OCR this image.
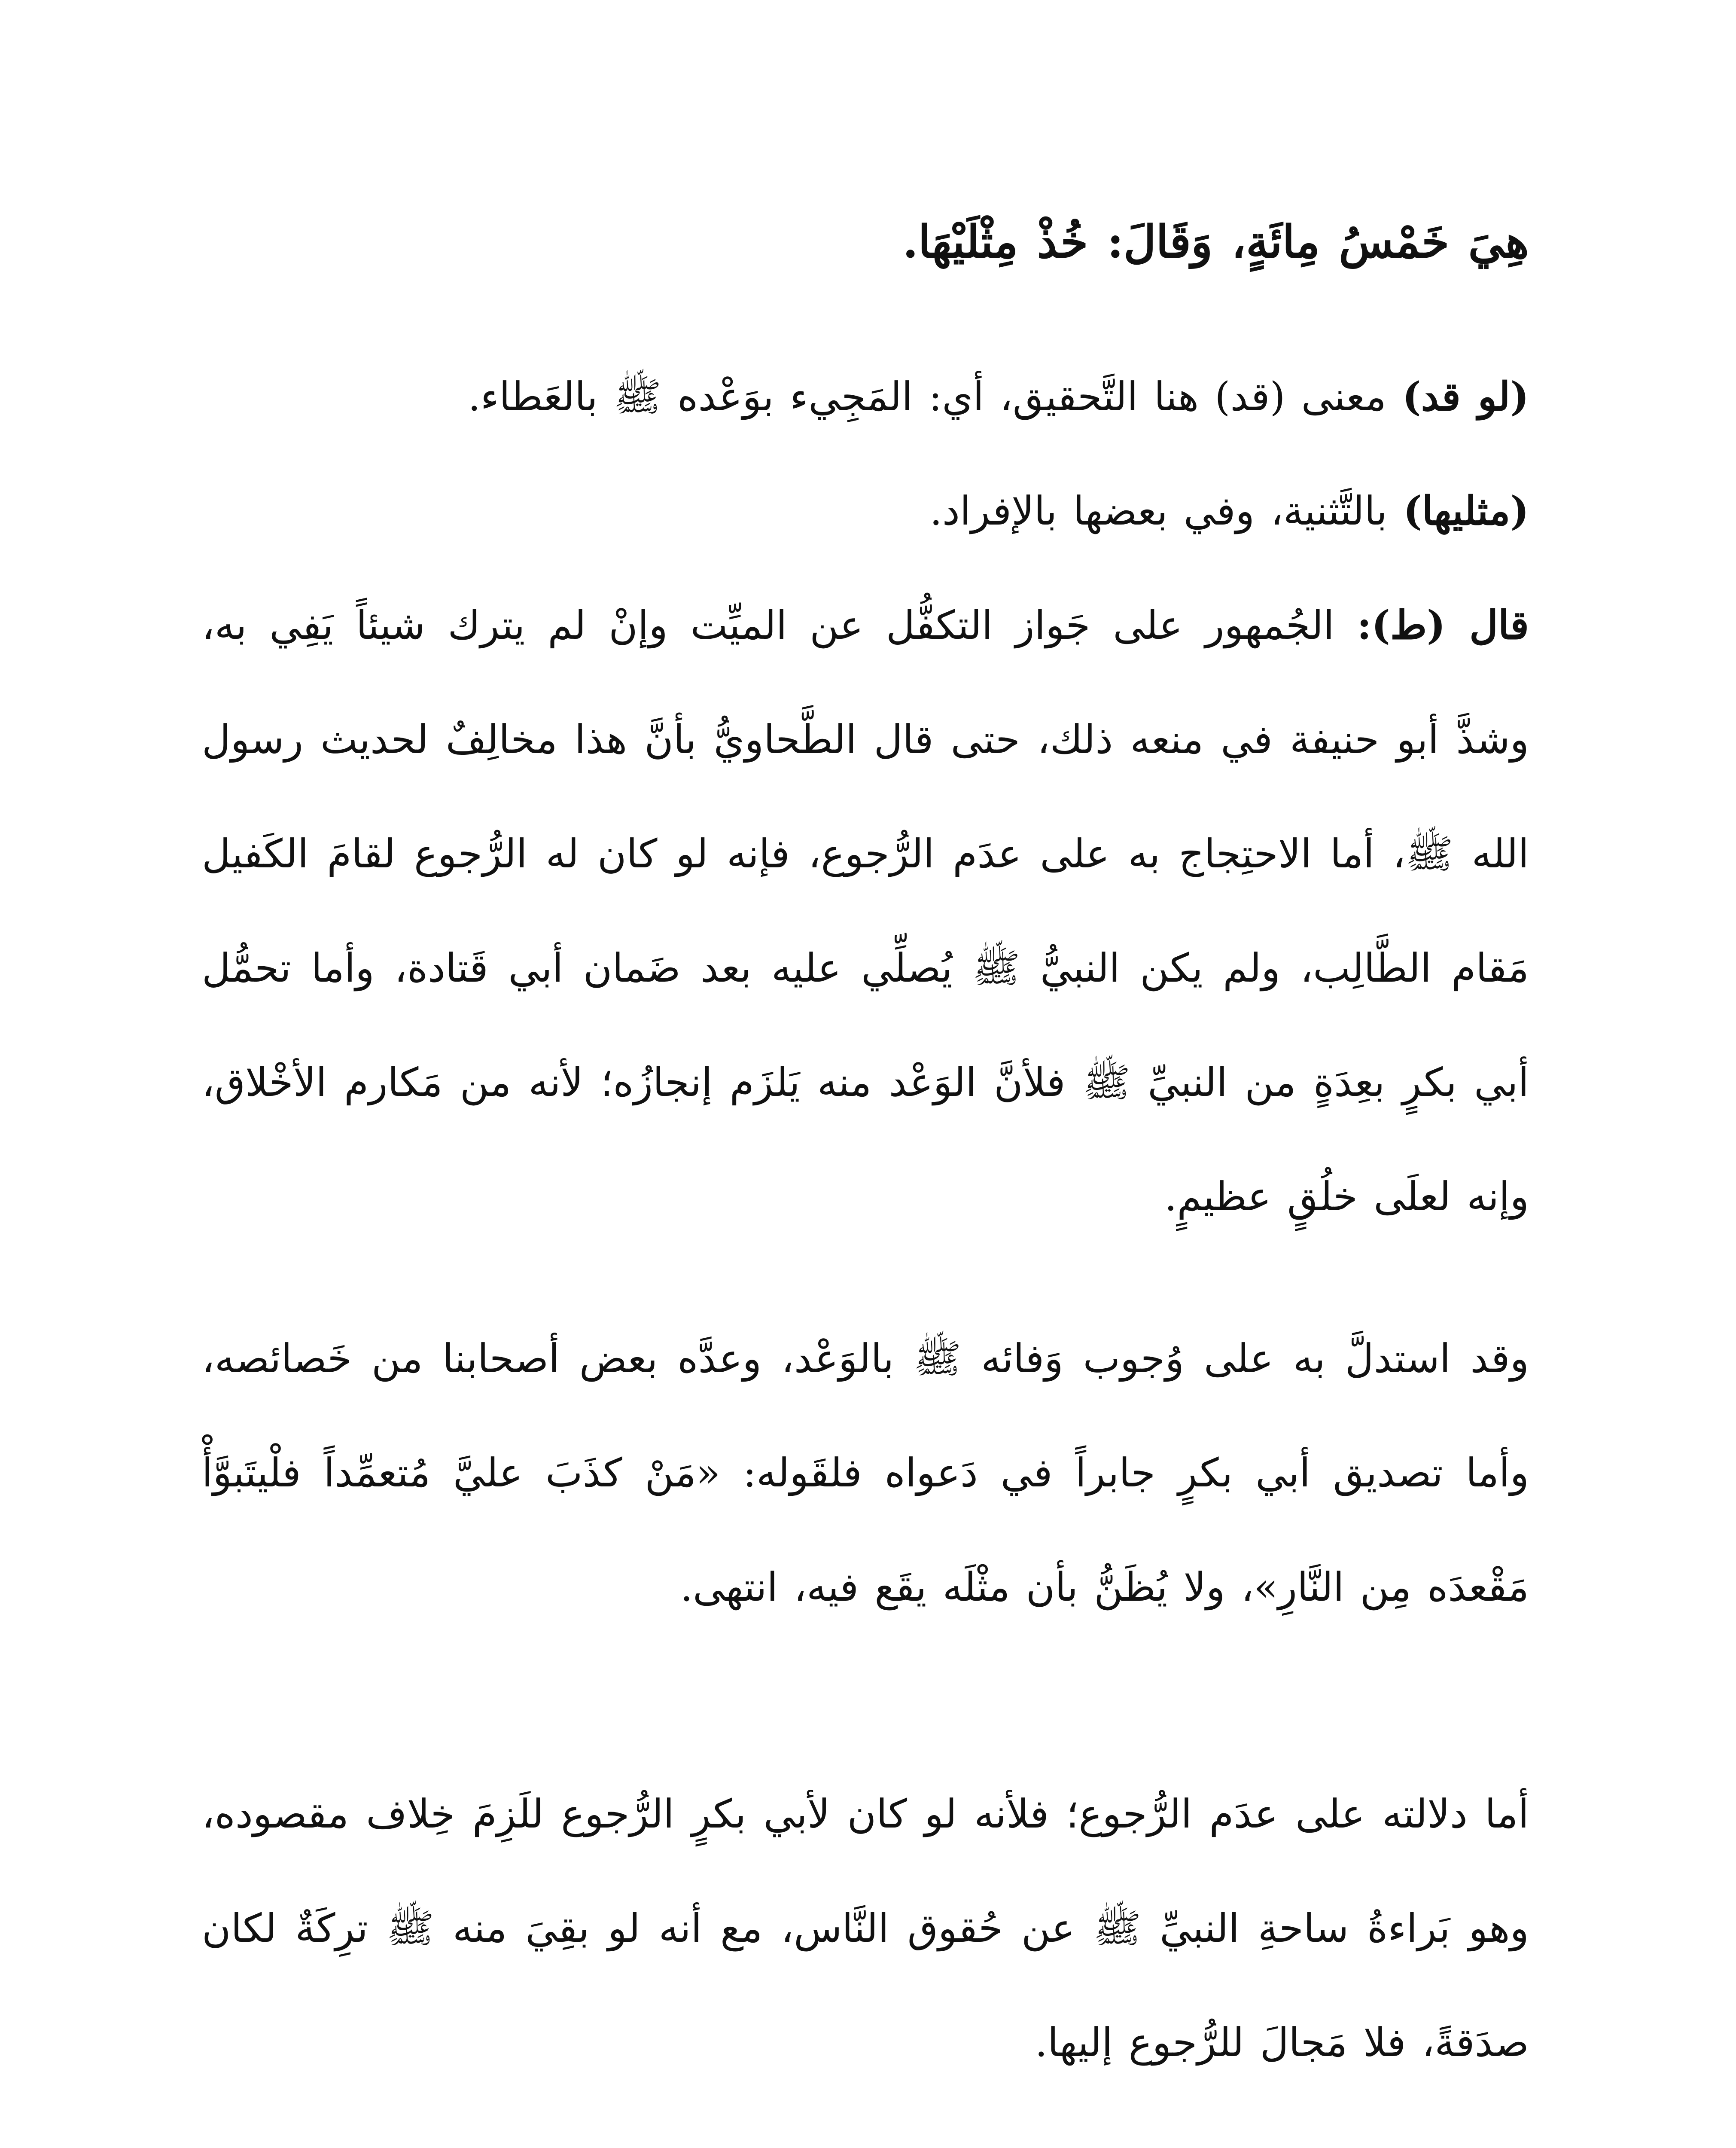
هِيَ خَمْسُ مِائَةٍ، وَقَالَ: خُذْ مِثْلَيْهَا.
(لو قد) معنى (قد) هنا التَّحقيق، أي: المَجِيء بوَعْده ﷺ بالعَطاء.
(مثليها) بالتَّثنية، وفي بعضها بالإفراد.
قال (ط): الجُمهور على جَواز التكفُّل عن الميِّت وإنْ لم يترك شيئاً يَفِي به، وشذَّ أبو حنيفة في منعه ذلك، حتى قال الطَّحاويُّ بأنَّ هذا مخالِفٌ لحديث رسول الله ﷺ، أما الاحتِجاج به على عدَم الرُّجوع، فإنه لو كان له الرُّجوع لقامَ الكَفيل مَقام الطَّالِب، ولم يكن النبيُّ ﷺ يُصلِّي عليه بعد ضَمان أبي قَتادة، وأما تحمُّل أبي بكرٍ بعِدَةٍ من النبيِّ ﷺ فلأنَّ الوَعْد منه يَلزَم إنجازُه؛ لأنه من مَكارم الأخْلاق، وإنه لعلَى خلُقٍ عظيمٍ.
وقد استدلَّ به على وُجوب وَفائه ﷺ بالوَعْد، وعدَّه بعض أصحابنا من خَصائصه، وأما تصديق أبي بكرٍ جابراً في دَعواه فلقَوله: «مَنْ كذَبَ عليَّ مُتعمِّداً فلْيتَبوَّأْ مَقْعدَه مِن النَّارِ»، ولا يُظَنُّ بأن مثْلَه يقَع فيه، انتهى.
أما دلالته على عدَم الرُّجوع؛ فلأنه لو كان لأبي بكرٍ الرُّجوع للَزِمَ خِلاف مقصوده، وهو بَراءةُ ساحةِ النبيِّ ﷺ عن حُقوق النَّاس، مع أنه لو بقِيَ منه ﷺ ترِكَةٌ لكان صدَقةً، فلا مَجالَ للرُّجوع إليها.
